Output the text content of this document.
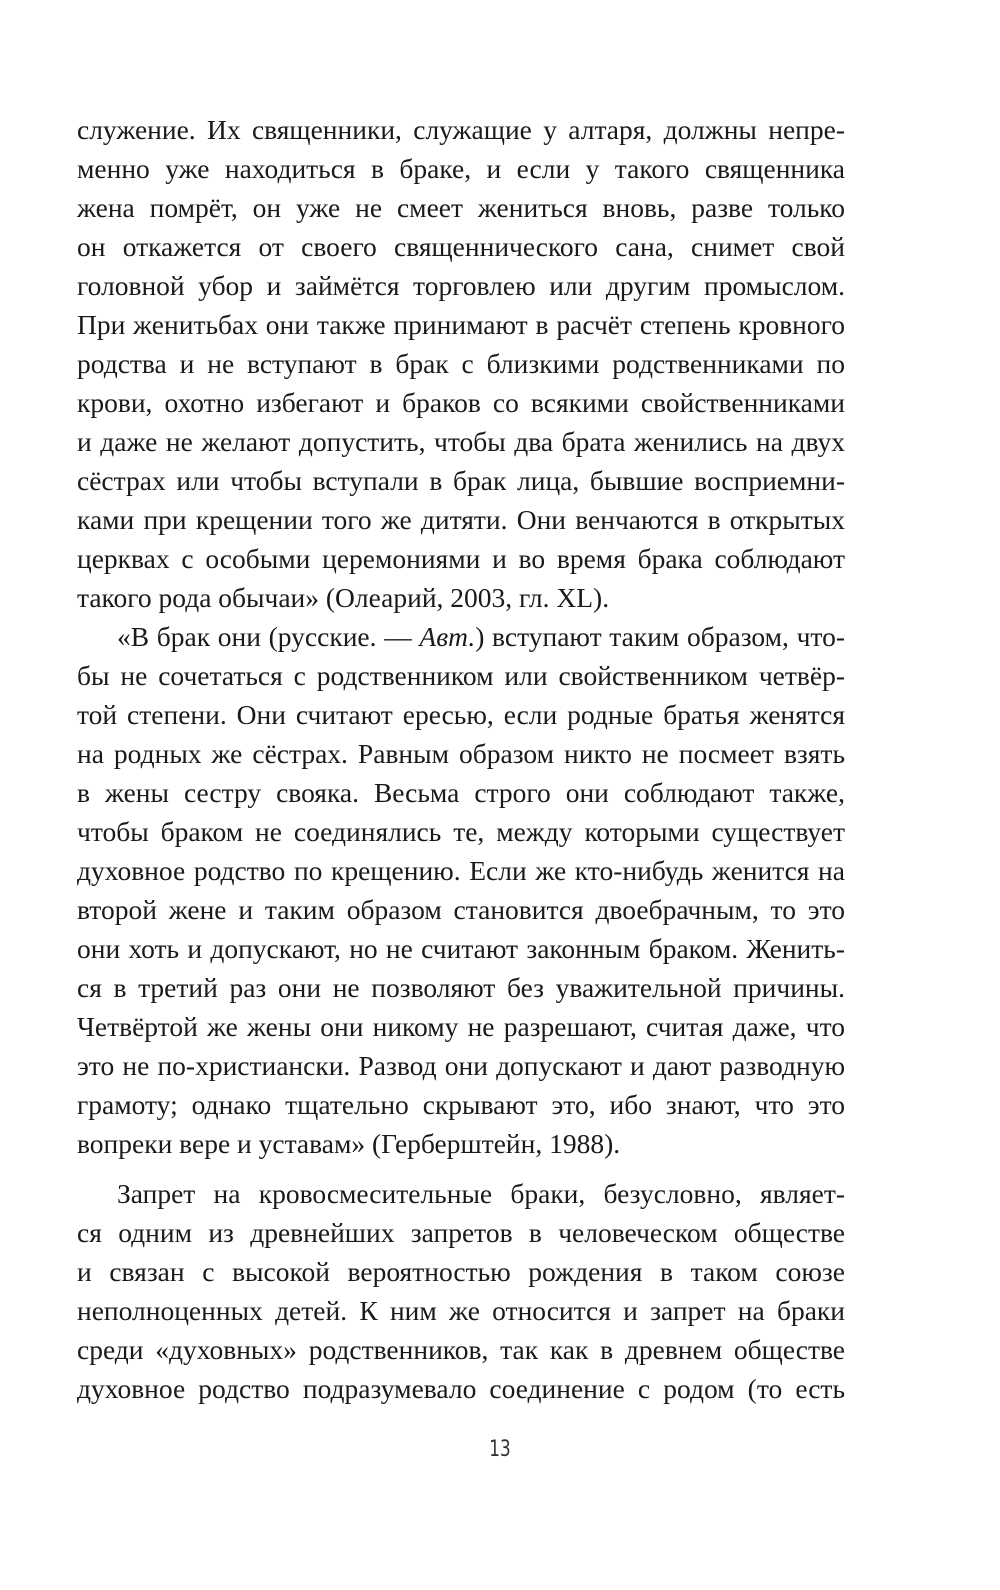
служение. Их священники, служащие у алтаря, должны непре-
менно уже находиться в браке, и если у такого священника
жена помрёт, он уже не смеет жениться вновь, разве только
он откажется от своего священнического сана, снимет свой
головной убор и займётся торговлею или другим промыслом.
При женитьбах они также принимают в расчёт степень кровного
родства и не вступают в брак с близкими родственниками по
крови, охотно избегают и браков со всякими свойственниками
и даже не желают допустить, чтобы два брата женились на двух
сёстрах или чтобы вступали в брак лица, бывшие восприемни-
ками при крещении того же дитяти. Они венчаются в открытых
церквах с особыми церемониями и во время брака соблюдают
такого рода обычаи» (Олеарий, 2003, гл. XL).
«В брак они (русские. — Авт.) вступают таким образом, что-
бы не сочетаться с родственником или свойственником четвёр-
той степени. Они считают ересью, если родные братья женятся
на родных же сёстрах. Равным образом никто не посмеет взять
в жены сестру свояка. Весьма строго они соблюдают также,
чтобы браком не соединялись те, между которыми существует
духовное родство по крещению. Если же кто-нибудь женится на
второй жене и таким образом становится двоебрачным, то это
они хоть и допускают, но не считают законным браком. Женить-
ся в третий раз они не позволяют без уважительной причины.
Четвёртой же жены они никому не разрешают, считая даже, что
это не по-христиански. Развод они допускают и дают разводную
грамоту; однако тщательно скрывают это, ибо знают, что это
вопреки вере и уставам» (Герберштейн, 1988).
Запрет на кровосмесительные браки, безусловно, являет-
ся одним из древнейших запретов в человеческом обществе
и связан с высокой вероятностью рождения в таком союзе
неполноценных детей. К ним же относится и запрет на браки
среди «духовных» родственников, так как в древнем обществе
духовное родство подразумевало соединение с родом (то есть
13
